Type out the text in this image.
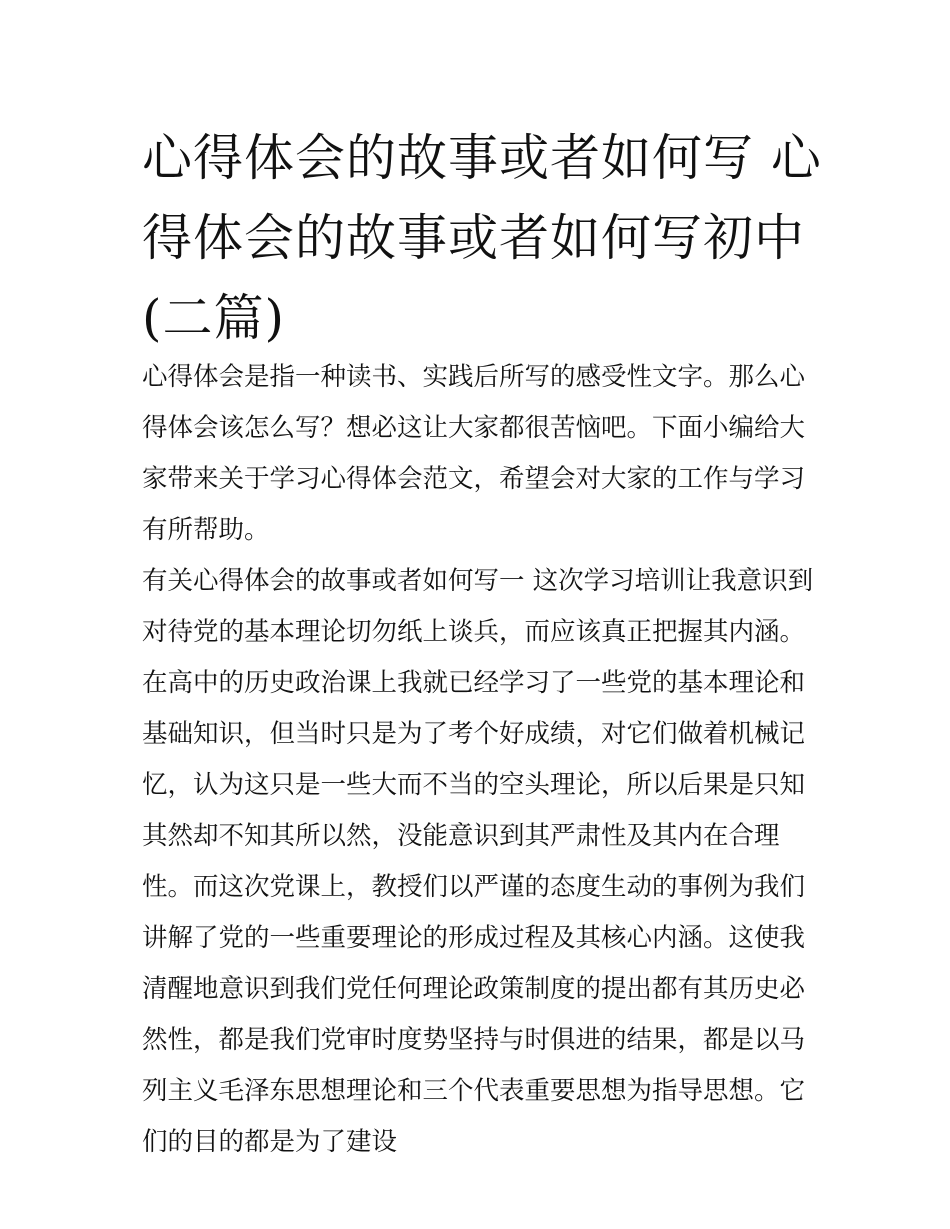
心得体会的故事或者如何写 心得体会的故事或者如何写初中(二篇)

心得体会是指一种读书、实践后所写的感受性文字。那么心得体会该怎么写？想必这让大家都很苦恼吧。下面小编给大家带来关于学习心得体会范文，希望会对大家的工作与学习有所帮助。

有关心得体会的故事或者如何写一 这次学习培训让我意识到对待党的基本理论切勿纸上谈兵，而应该真正把握其内涵。

在高中的历史政治课上我就已经学习了一些党的基本理论和基础知识，但当时只是为了考个好成绩，对它们做着机械记忆，认为这只是一些大而不当的空头理论，所以后果是只知其然却不知其所以然，没能意识到其严肃性及其内在合理性。而这次党课上，教授们以严谨的态度生动的事例为我们讲解了党的一些重要理论的形成过程及其核心内涵。这使我清醒地意识到我们党任何理论政策制度的提出都有其历史必然性，都是我们党审时度势坚持与时俱进的结果，都是以马列主义毛泽东思想理论和三个代表重要思想为指导思想。它们的目的都是为了建设
